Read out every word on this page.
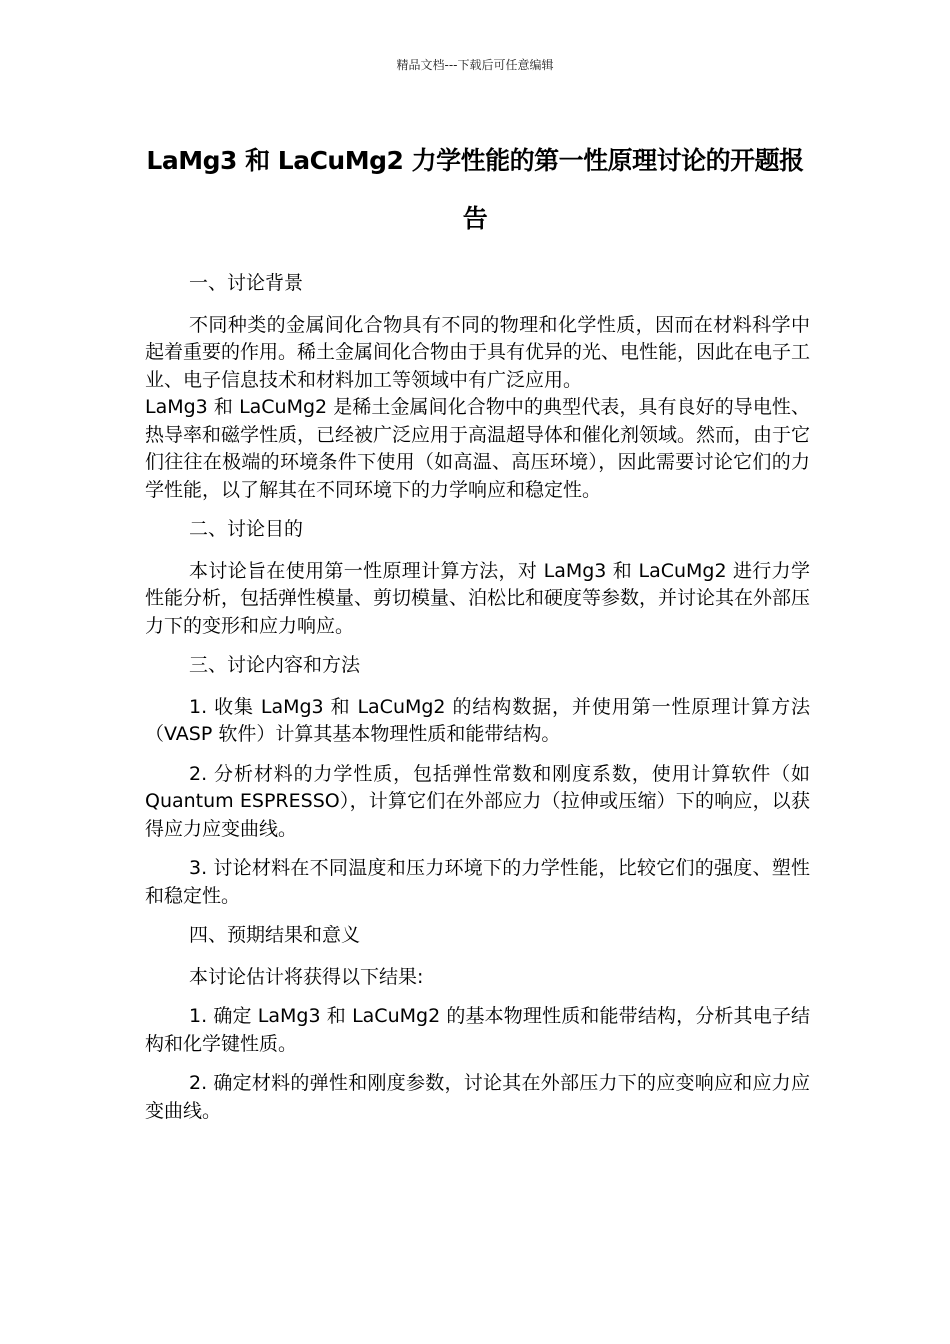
精品文档---下载后可任意编辑
LaMg3 和 LaCuMg2 力学性能的第一性原理讨论的开题报告

一、讨论背景

不同种类的金属间化合物具有不同的物理和化学性质，因而在材料科学中起着重要的作用。稀土金属间化合物由于具有优异的光、电性能，因此在电子工业、电子信息技术和材料加工等领域中有广泛应用。

LaMg3 和 LaCuMg2 是稀土金属间化合物中的典型代表，具有良好的导电性、热导率和磁学性质，已经被广泛应用于高温超导体和催化剂领域。然而，由于它们往往在极端的环境条件下使用（如高温、高压环境），因此需要讨论它们的力学性能，以了解其在不同环境下的力学响应和稳定性。

二、讨论目的

本讨论旨在使用第一性原理计算方法，对 LaMg3 和 LaCuMg2 进行力学性能分析，包括弹性模量、剪切模量、泊松比和硬度等参数，并讨论其在外部压力下的变形和应力响应。

三、讨论内容和方法

1. 收集 LaMg3 和 LaCuMg2 的结构数据，并使用第一性原理计算方法（VASP 软件）计算其基本物理性质和能带结构。

2. 分析材料的力学性质，包括弹性常数和刚度系数，使用计算软件（如 Quantum ESPRESSO），计算它们在外部应力（拉伸或压缩）下的响应，以获得应力应变曲线。

3. 讨论材料在不同温度和压力环境下的力学性能，比较它们的强度、塑性和稳定性。

四、预期结果和意义

本讨论估计将获得以下结果:

1. 确定 LaMg3 和 LaCuMg2 的基本物理性质和能带结构，分析其电子结构和化学键性质。

2. 确定材料的弹性和刚度参数，讨论其在外部压力下的应变响应和应力应变曲线。
